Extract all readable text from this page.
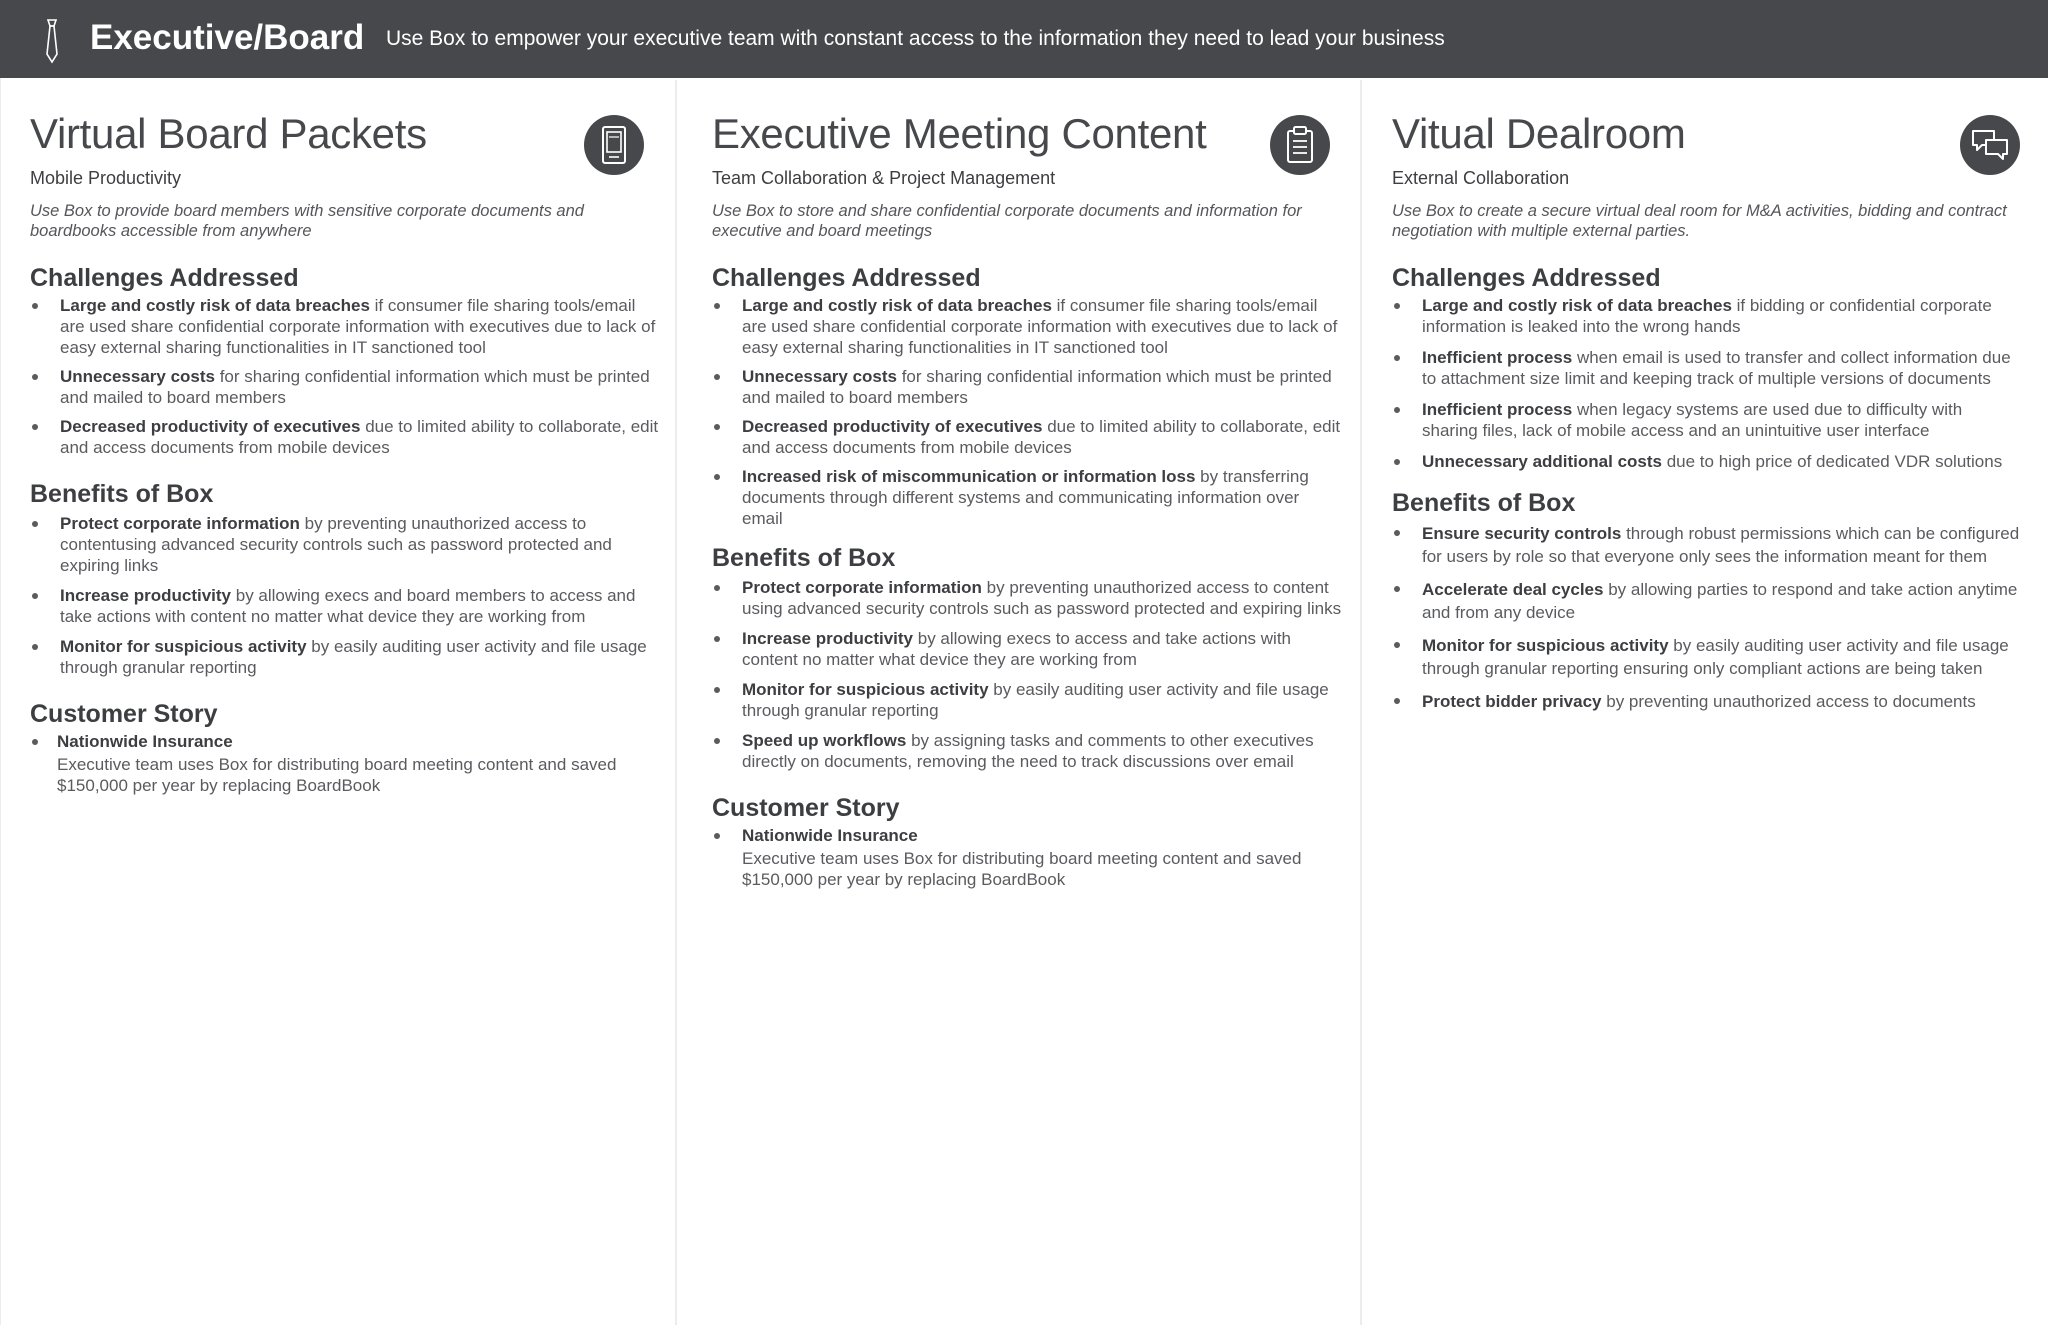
Executive/Board Use Box to empower your executive team with constant access to the information they need to lead your business
Virtual Board Packets
Mobile Productivity
Use Box to provide board members with sensitive corporate documents and boardbooks accessible from anywhere
Challenges Addressed
Large and costly risk of data breaches if consumer file sharing tools/email are used share confidential corporate information with executives due to lack of easy external sharing functionalities in IT sanctioned tool
Unnecessary costs for sharing confidential information which must be printed and mailed to board members
Decreased productivity of executives due to limited ability to collaborate, edit and access documents from mobile devices
Benefits of Box
Protect corporate information by preventing unauthorized access to contentusing advanced security controls such as password protected and expiring links
Increase productivity by allowing execs and board members to access and take actions with content no matter what device they are working from
Monitor for suspicious activity by easily auditing user activity and file usage through granular reporting
Customer Story
Nationwide Insurance
Executive team uses Box for distributing board meeting content and saved $150,000 per year by replacing BoardBook
Executive Meeting Content
Team Collaboration & Project Management
Use Box to store and share confidential corporate documents and information for executive and board meetings
Challenges Addressed
Large and costly risk of data breaches if consumer file sharing tools/email are used share confidential corporate information with executives due to lack of easy external sharing functionalities in IT sanctioned tool
Unnecessary costs for sharing confidential information which must be printed and mailed to board members
Decreased productivity of executives due to limited ability to collaborate, edit and access documents from mobile devices
Increased risk of miscommunication or information loss by transferring documents through different systems and communicating information over email
Benefits of Box
Protect corporate information by preventing unauthorized access to content using advanced security controls such as password protected and expiring links
Increase productivity by allowing execs to access and take actions with content no matter what device they are working from
Monitor for suspicious activity by easily auditing user activity and file usage through granular reporting
Speed up workflows by assigning tasks and comments to other executives directly on documents, removing the need to track discussions over email
Customer Story
Nationwide Insurance
Executive team uses Box for distributing board meeting content and saved $150,000 per year by replacing BoardBook
Vitual Dealroom
External Collaboration
Use Box to create a secure virtual deal room for M&A activities, bidding and contract negotiation with multiple external parties.
Challenges Addressed
Large and costly risk of data breaches if bidding or confidential corporate information is leaked into the wrong hands
Inefficient process when email is used to transfer and collect information due to attachment size limit and keeping track of multiple versions of documents
Inefficient process when legacy systems are used due to difficulty with sharing files, lack of mobile access and an unintuitive user interface
Unnecessary additional costs due to high price of dedicated VDR solutions
Benefits of Box
Ensure security controls through robust permissions which can be configured for users by role so that everyone only sees the information meant for them
Accelerate deal cycles by allowing parties to respond and take action anytime and from any device
Monitor for suspicious activity by easily auditing user activity and file usage through granular reporting ensuring only compliant actions are being taken
Protect bidder privacy by preventing unauthorized access to documents
